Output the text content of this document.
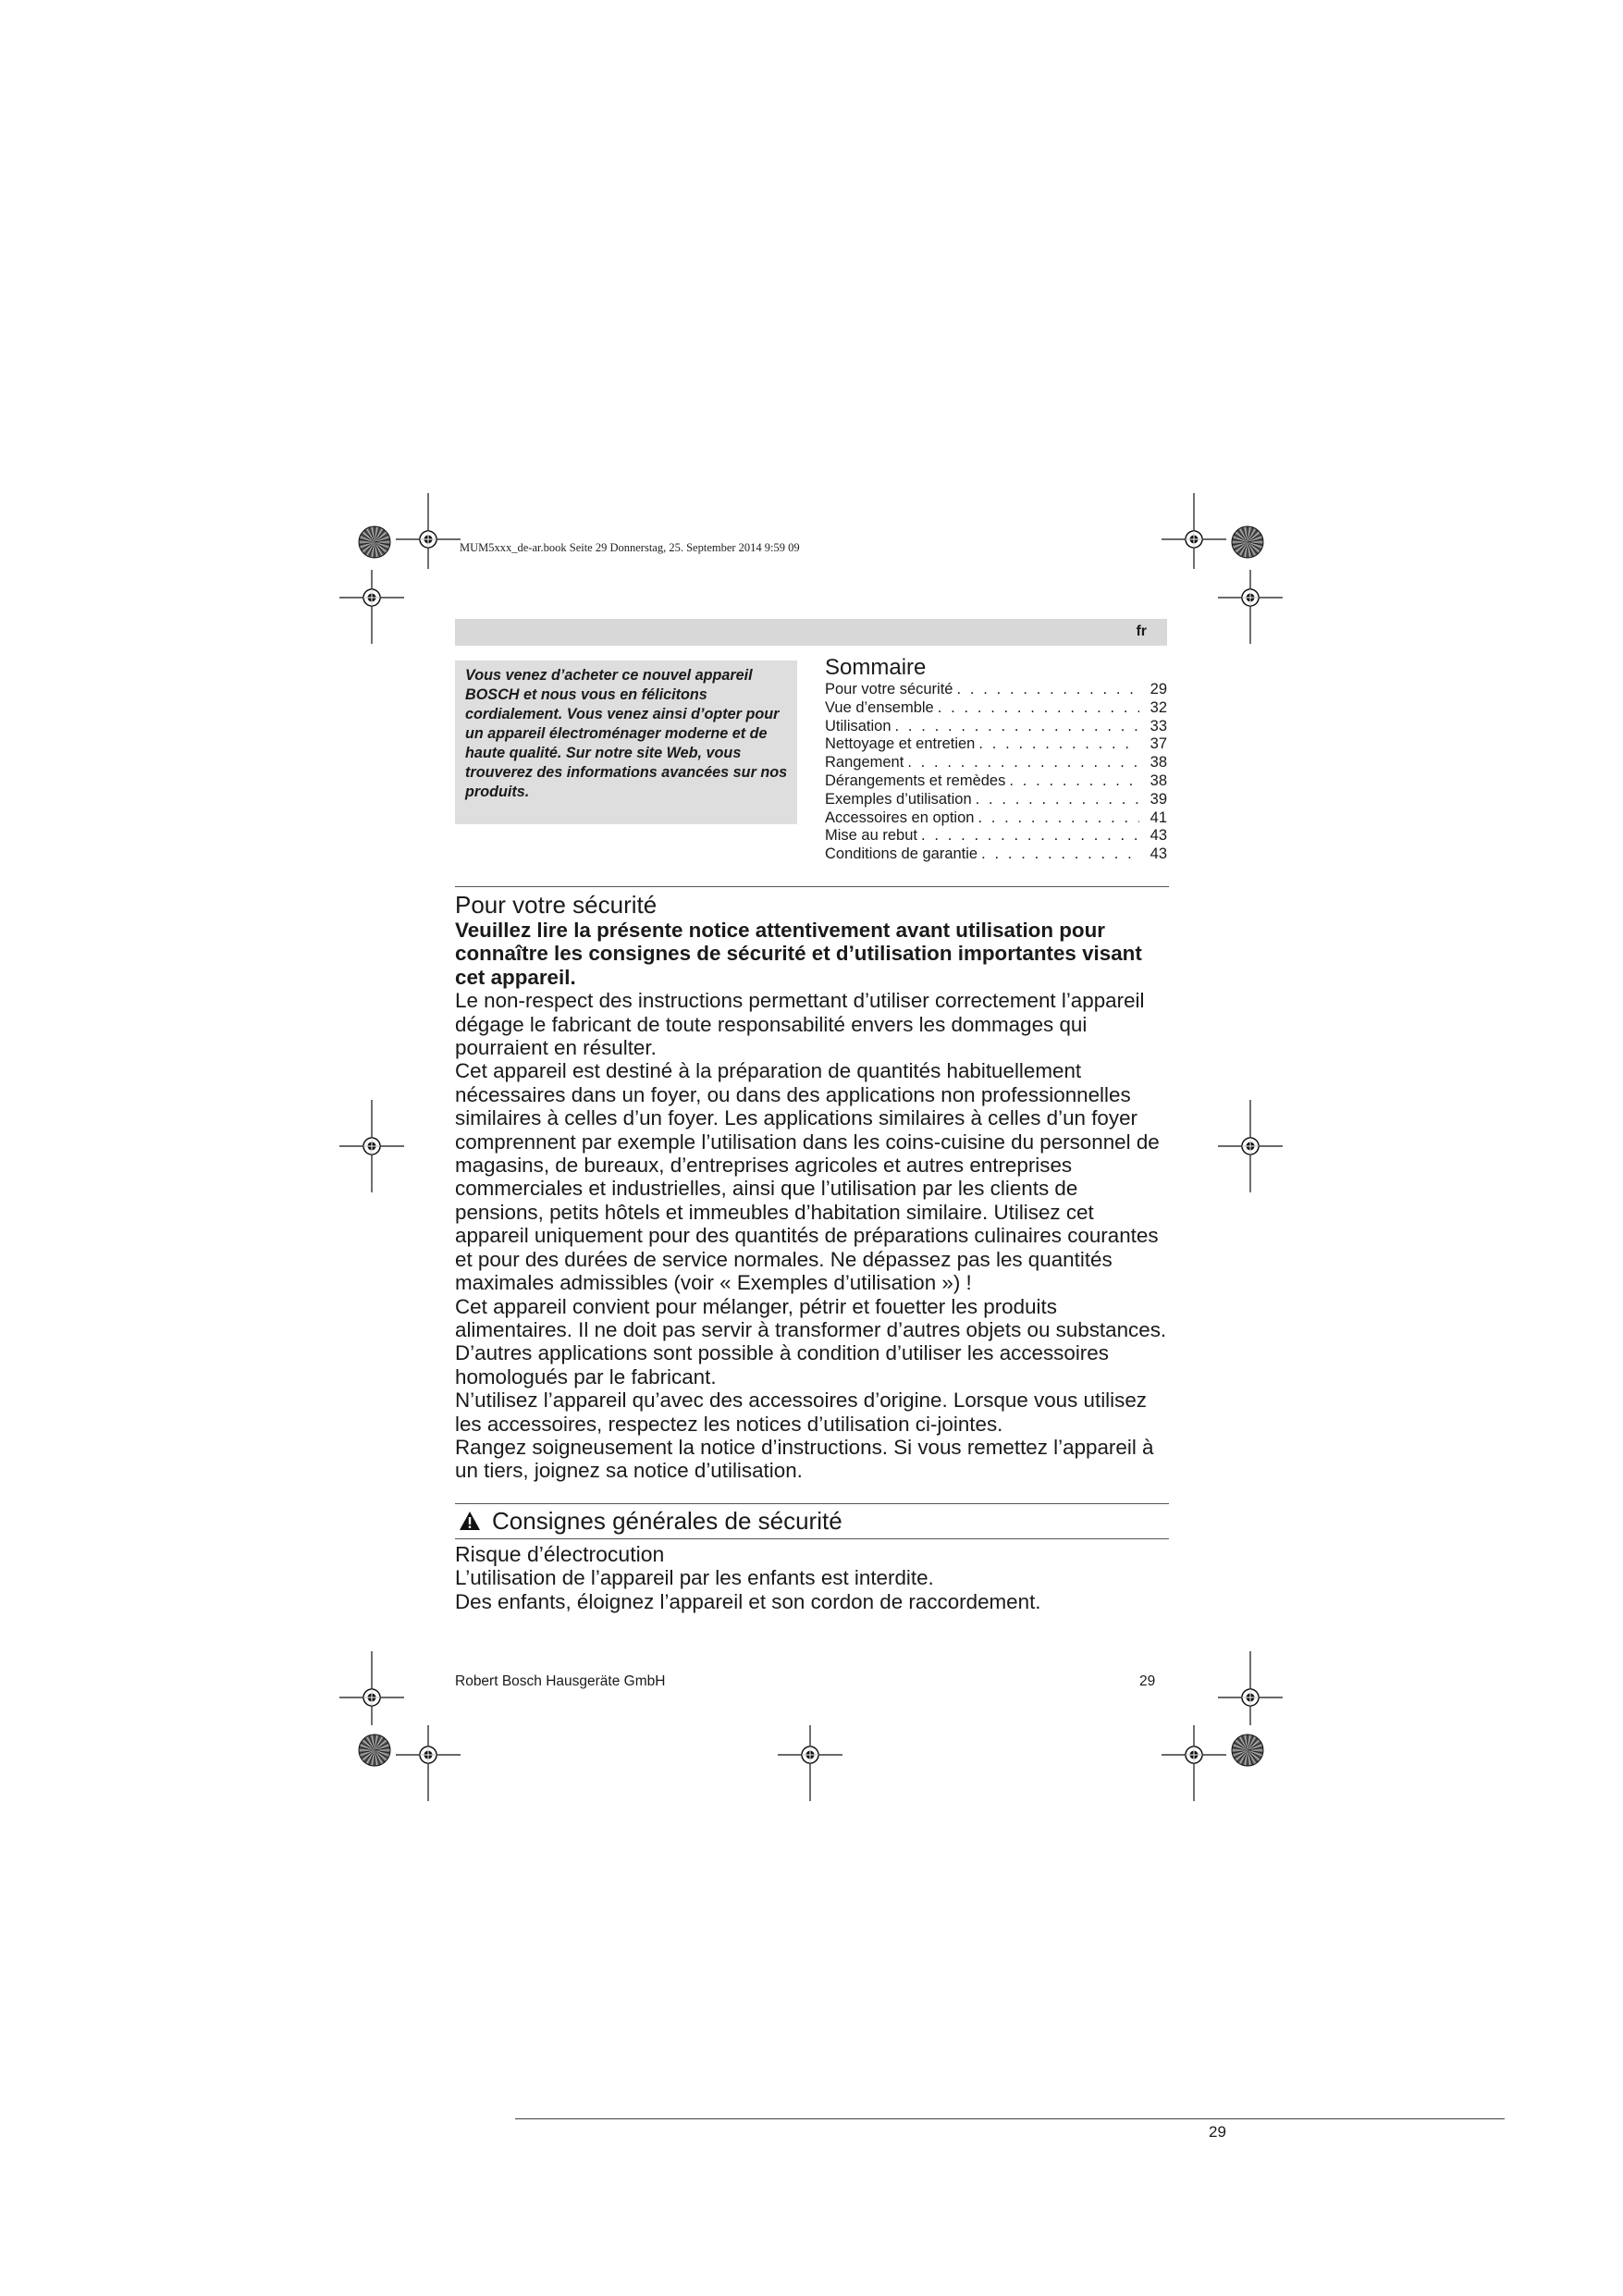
MUM5xxx_de-ar.book Seite 29 Donnerstag, 25. September 2014 9:59 09
fr
Vous venez d’acheter ce nouvel appareil BOSCH et nous vous en félicitons cordialement. Vous venez ainsi d’opter pour un appareil électroménager moderne et de haute qualité. Sur notre site Web, vous trouverez des informations avancées sur nos produits.
Sommaire
Pour votre sécurité . . .	29
Vue d’ensemble . . .	32
Utilisation . . .	33
Nettoyage et entretien . . .	37
Rangement . . .	38
Dérangements et remèdes . . .	38
Exemples d’utilisation . . .	39
Accessoires en option . . .	41
Mise au rebut . . .	43
Conditions de garantie . . .	43
Pour votre sécurité

Veuillez lire la présente notice attentivement avant utilisation pour connaître les consignes de sécurité et d’utilisation importantes visant cet appareil.

Le non-respect des instructions permettant d’utiliser correctement l’appareil dégage le fabricant de toute responsabilité envers les dommages qui pourraient en résulter.

Cet appareil est destiné à la préparation de quantités habituellement nécessaires dans un foyer, ou dans des applications non professionnelles similaires à celles d’un foyer. Les applications similaires à celles d’un foyer comprennent par exemple l’utilisation dans les coins-cuisine du personnel de magasins, de bureaux, d’entreprises agricoles et autres entreprises commerciales et industrielles, ainsi que l’utilisation par les clients de pensions, petits hôtels et immeubles d’habitation similaire. Utilisez cet appareil uniquement pour des quantités de préparations culinaires courantes et pour des durées de service normales. Ne dépassez pas les quantités maximales admissibles (voir « Exemples d’utilisation ») !

Cet appareil convient pour mélanger, pétrir et fouetter les produits alimentaires. Il ne doit pas servir à transformer d’autres objets ou substances. D’autres applications sont possible à condition d’utiliser les accessoires homologués par le fabricant.

N’utilisez l’appareil qu’avec des accessoires d’origine. Lorsque vous utilisez les accessoires, respectez les notices d’utilisation ci-jointes.

Rangez soigneusement la notice d’instructions. Si vous remettez l’appareil à un tiers, joignez sa notice d’utilisation.

Consignes générales de sécurité

Risque d’électrocution

L’utilisation de l’appareil par les enfants est interdite.

Des enfants, éloignez l’appareil et son cordon de raccordement.

Robert Bosch Hausgeräte GmbH	29
29
